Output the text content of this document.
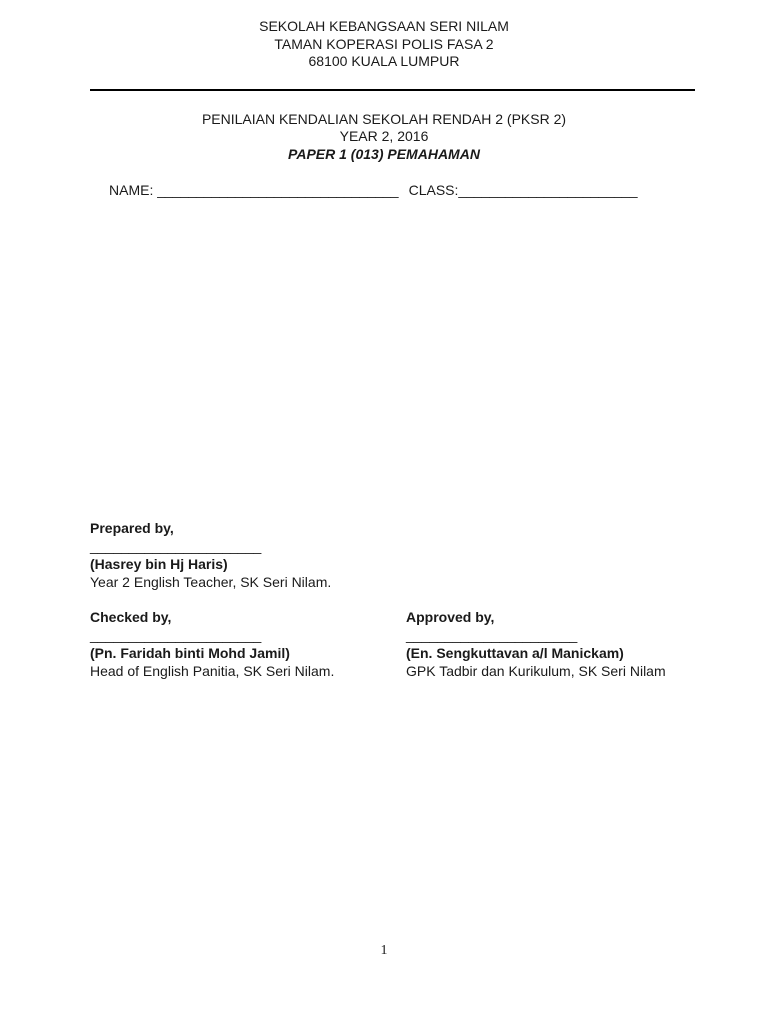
SEKOLAH KEBANGSAAN SERI NILAM
TAMAN KOPERASI POLIS FASA 2
68100 KUALA LUMPUR
PENILAIAN KENDALIAN SEKOLAH RENDAH 2 (PKSR 2)
YEAR 2, 2016
PAPER 1 (013) PEMAHAMAN
NAME: _______________________________ CLASS:_______________________
Prepared by,
______________________
(Hasrey bin Hj Haris)
Year 2 English Teacher, SK Seri Nilam.
Checked by,
______________________
(Pn. Faridah binti Mohd Jamil)
Head of English Panitia, SK Seri Nilam.
Approved by,
______________________
(En. Sengkuttavan a/l Manickam)
GPK Tadbir dan Kurikulum, SK Seri Nilam
1
